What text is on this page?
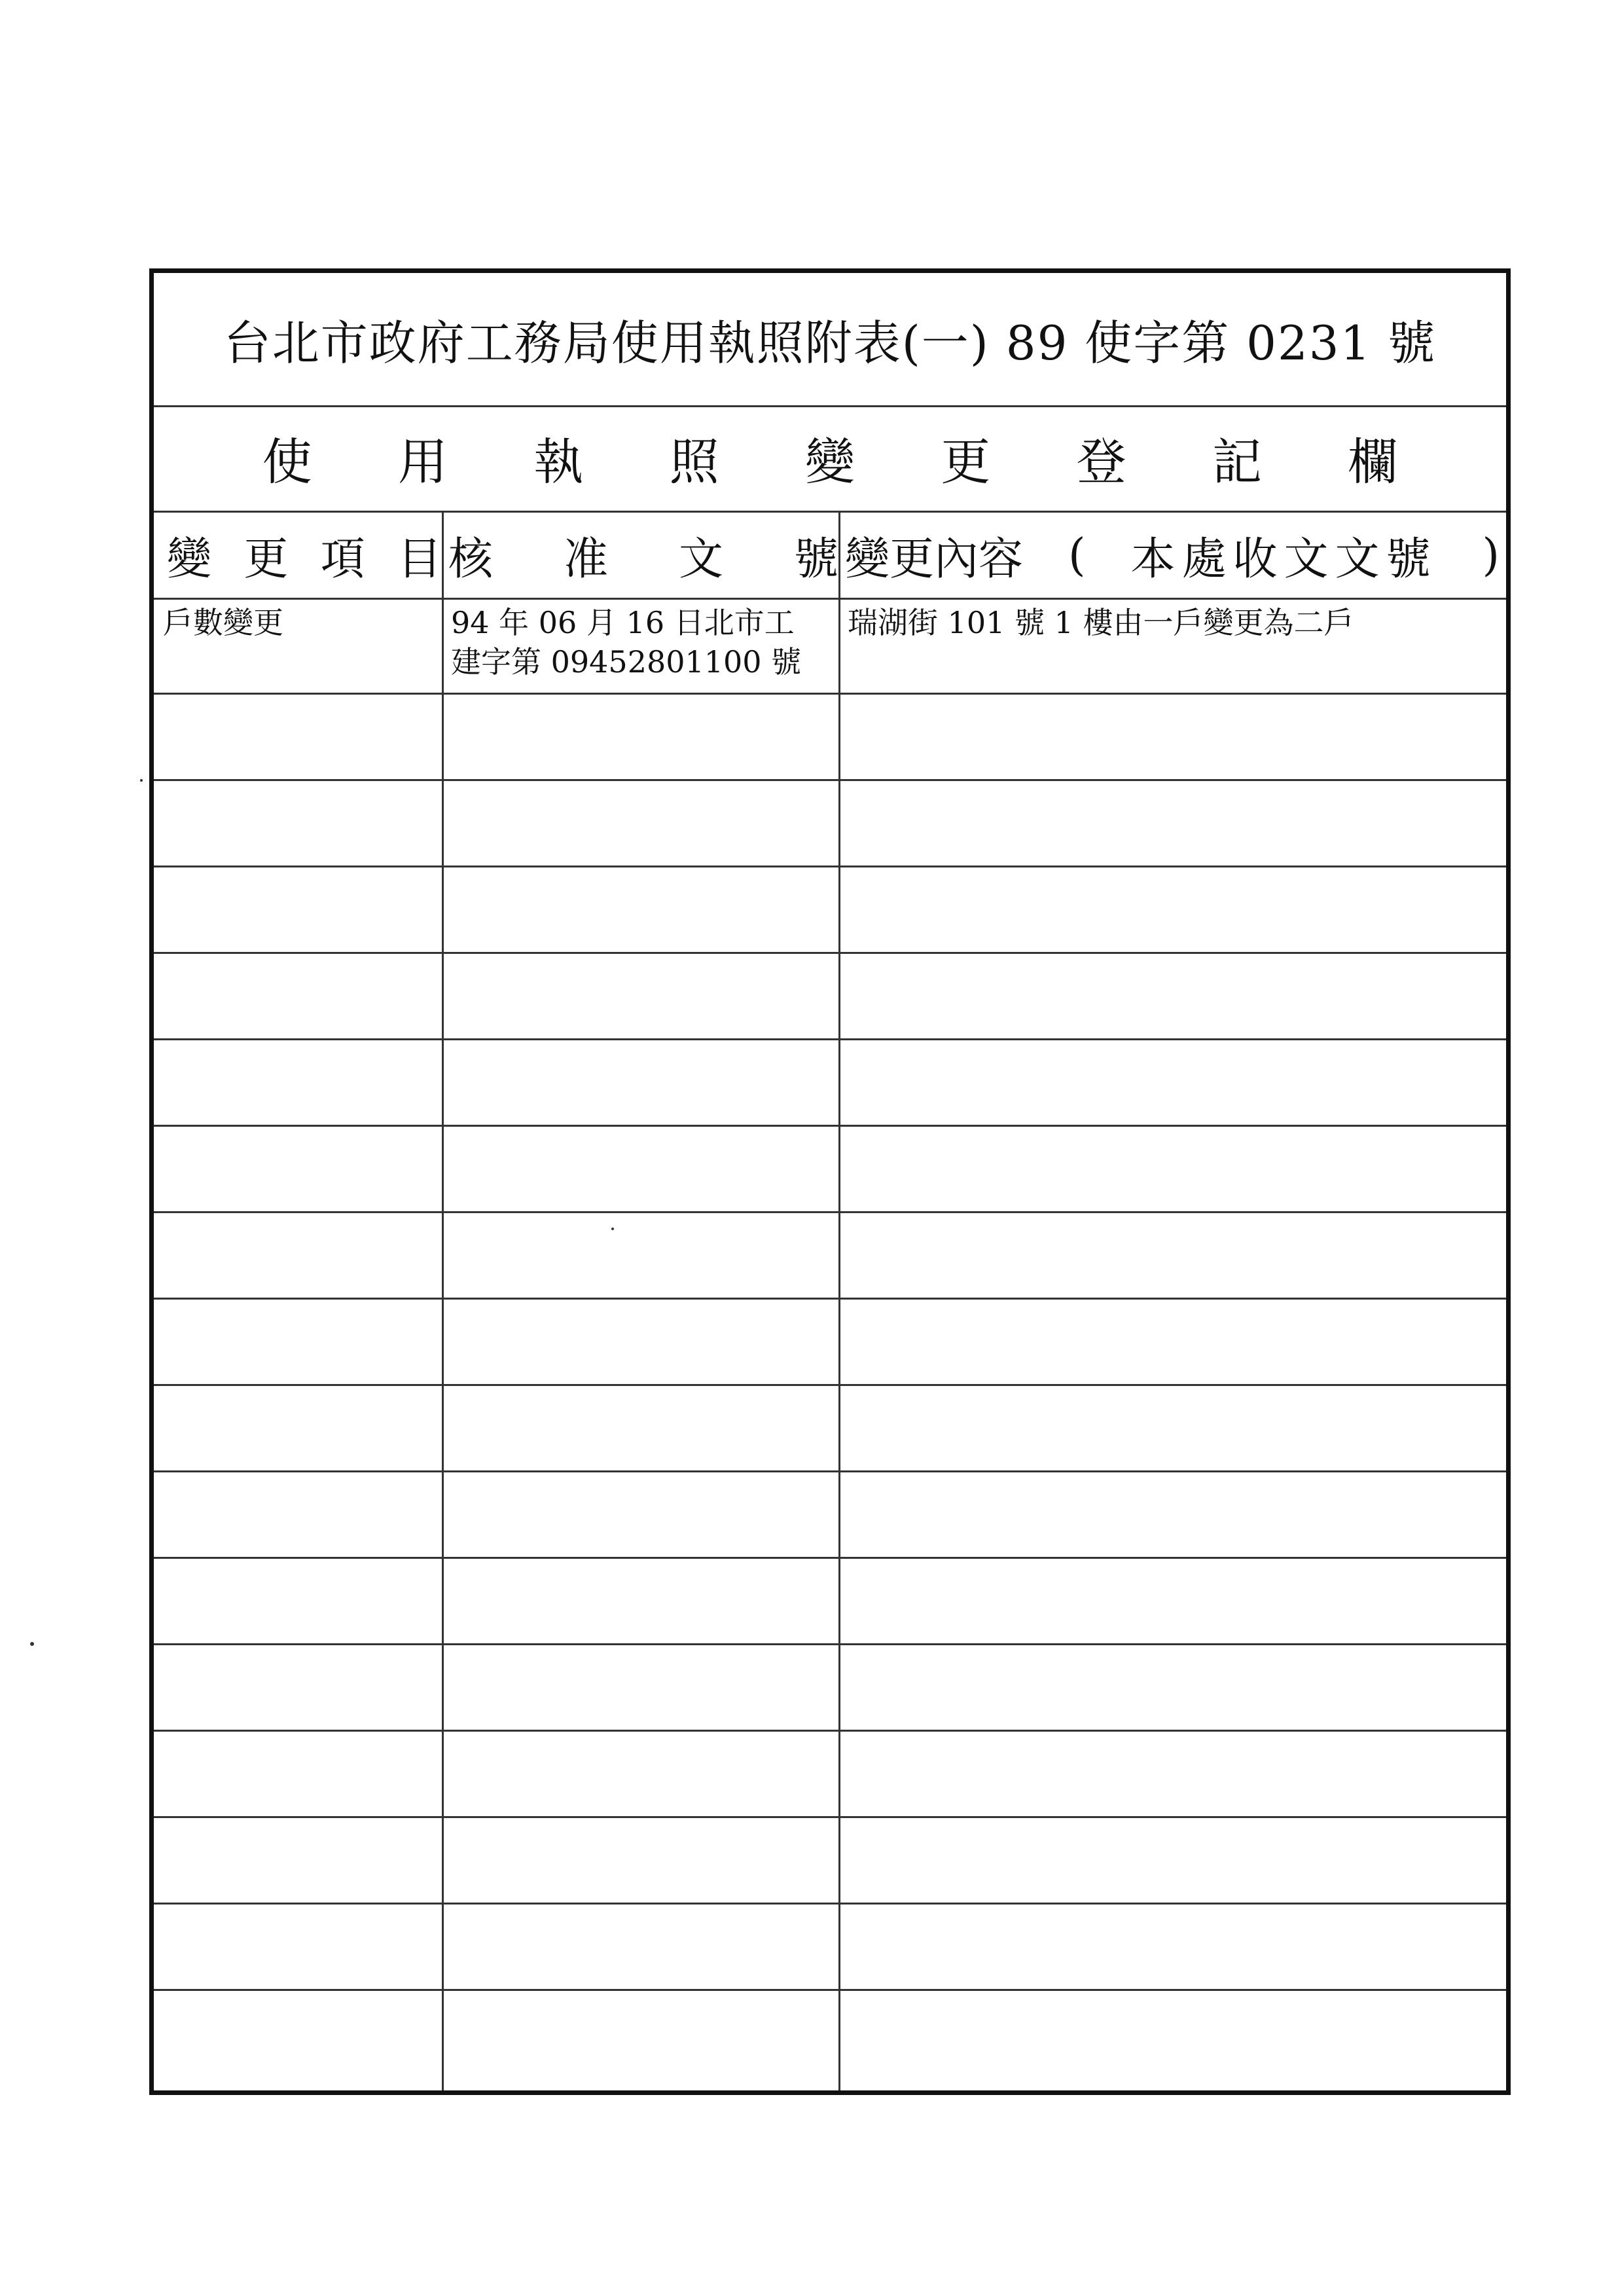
台北市政府工務局使用執照附表(一) 89 使字第 0231 號
使 用 執 照 變 更 登 記 欄
變 更 項 目 核 准 文 號 變更內容 ( 本處收文文號 )
戶數變更	94 年 06 月 16 日北市工
建字第 09452801100 號
瑞湖街 101 號 1 樓由一戶變更為二戶
